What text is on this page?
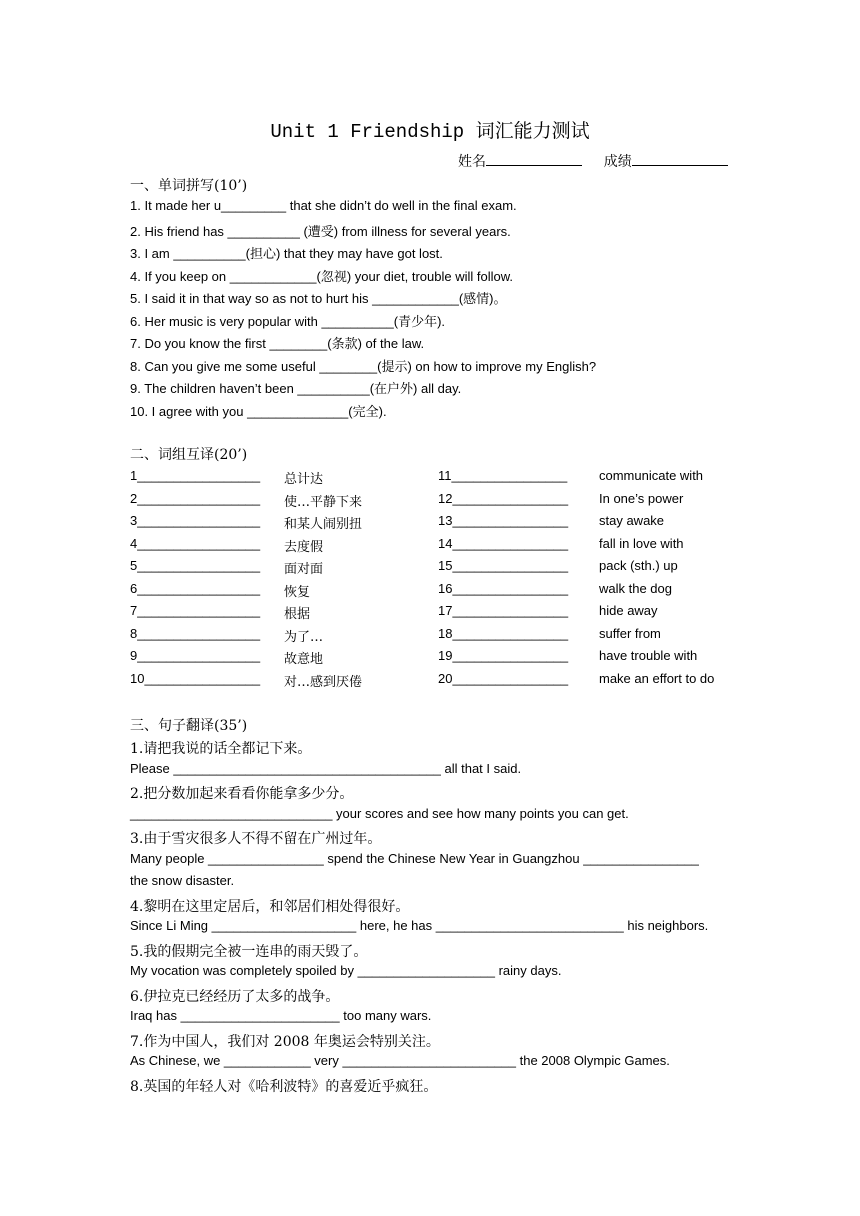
Unit 1 Friendship 词汇能力测试
姓名	成绩
一、单词拼写(10’)
1. It made her u_________ that she didn’t do well in the final exam.
2. His friend has __________ (遭受) from illness for several years.
3. I am __________(担心) that they may have got lost.
4. If you keep on ____________(忽视) your diet, trouble will follow.
5. I said it in that way so as not to hurt his ____________(感情)。
6. Her music is very popular with __________(青少年).
7. Do you know the first ________(条款) of the law.
8. Can you give me some useful ________(提示) on how to improve my English?
9. The children haven’t been __________(在户外) all day.
10. I agree with you ______________(完全).
二、词组互译(20’)
1_________________ 总计达	11________________ communicate with
2_________________ 使…平静下来	12________________ In one’s power
3_________________ 和某人闹别扭	13________________ stay awake
4_________________ 去度假	14________________ fall in love with
5_________________ 面对面	15________________ pack (sth.) up
6_________________ 恢复	16________________ walk the dog
7_________________ 根据	17________________ hide away
8_________________ 为了…	18________________ suffer from
9_________________ 故意地	19________________ have trouble with
10________________ 对…感到厌倦	20________________ make an effort to do
三、句子翻译(35’)
1.请把我说的话全都记下来。
Please _____________________________________ all that I said.
2.把分数加起来看看你能拿多少分。
____________________________ your scores and see how many points you can get.
3.由于雪灾很多人不得不留在广州过年。
Many people ________________ spend the Chinese New Year in Guangzhou ________________
the snow disaster.
4.黎明在这里定居后，和邻居们相处得很好。
Since Li Ming ____________________ here, he has __________________________ his neighbors.
5.我的假期完全被一连串的雨天毁了。
My vocation was completely spoiled by ___________________ rainy days.
6.伊拉克已经经历了太多的战争。
Iraq has ______________________ too many wars.
7.作为中国人，我们对 2008 年奥运会特别关注。
As Chinese, we ____________ very ________________________ the 2008 Olympic Games.
8.英国的年轻人对《哈利波特》的喜爱近乎疯狂。
